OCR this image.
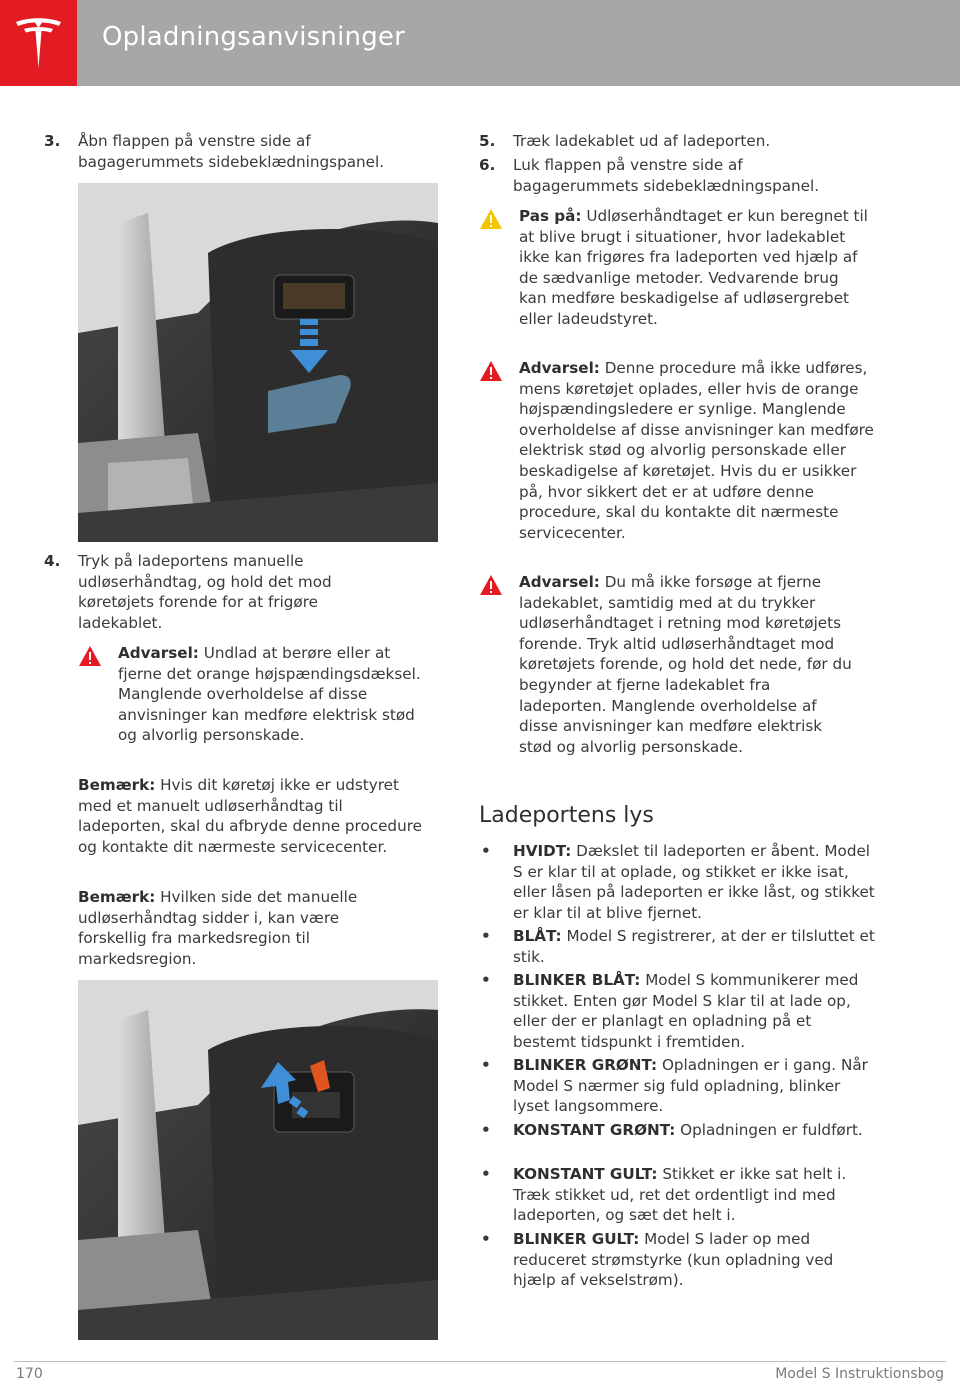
Opladningsanvisninger
3. Åbn flappen på venstre side af bagagerummets sidebeklædningspanel.
4. Tryk på ladeportens manuelle udløserhåndtag, og hold det mod køretøjets forende for at frigøre ladekablet.
Advarsel: Undlad at berøre eller at fjerne det orange højspændingsdæksel. Manglende overholdelse af disse anvisninger kan medføre elektrisk stød og alvorlig personskade.
Bemærk: Hvis dit køretøj ikke er udstyret med et manuelt udløserhåndtag til ladeporten, skal du afbryde denne procedure og kontakte dit nærmeste servicecenter.
Bemærk: Hvilken side det manuelle udløserhåndtag sidder i, kan være forskellig fra markedsregion til markedsregion.
5. Træk ladekablet ud af ladeporten.
6. Luk flappen på venstre side af bagagerummets sidebeklædningspanel.
Pas på: Udløserhåndtaget er kun beregnet til at blive brugt i situationer, hvor ladekablet ikke kan frigøres fra ladeporten ved hjælp af de sædvanlige metoder. Vedvarende brug kan medføre beskadigelse af udløsergrebet eller ladeudstyret.
Advarsel: Denne procedure må ikke udføres, mens køretøjet oplades, eller hvis de orange højspændingsledere er synlige. Manglende overholdelse af disse anvisninger kan medføre elektrisk stød og alvorlig personskade eller beskadigelse af køretøjet. Hvis du er usikker på, hvor sikkert det er at udføre denne procedure, skal du kontakte dit nærmeste servicecenter.
Advarsel: Du må ikke forsøge at fjerne ladekablet, samtidig med at du trykker udløserhåndtaget i retning mod køretøjets forende. Tryk altid udløserhåndtaget mod køretøjets forende, og hold det nede, før du begynder at fjerne ladekablet fra ladeporten. Manglende overholdelse af disse anvisninger kan medføre elektrisk stød og alvorlig personskade.
Ladeportens lys
• HVIDT: Dækslet til ladeporten er åbent. Model S er klar til at oplade, og stikket er ikke isat, eller låsen på ladeporten er ikke låst, og stikket er klar til at blive fjernet.
• BLÅT: Model S registrerer, at der er tilsluttet et stik.
• BLINKER BLÅT: Model S kommunikerer med stikket. Enten gør Model S klar til at lade op, eller der er planlagt en opladning på et bestemt tidspunkt i fremtiden.
• BLINKER GRØNT: Opladningen er i gang. Når Model S nærmer sig fuld opladning, blinker lyset langsommere.
• KONSTANT GRØNT: Opladningen er fuldført.
• KONSTANT GULT: Stikket er ikke sat helt i. Træk stikket ud, ret det ordentligt ind med ladeporten, og sæt det helt i.
• BLINKER GULT: Model S lader op med reduceret strømstyrke (kun opladning ved hjælp af vekselstrøm).
170	Model S Instruktionsbog
